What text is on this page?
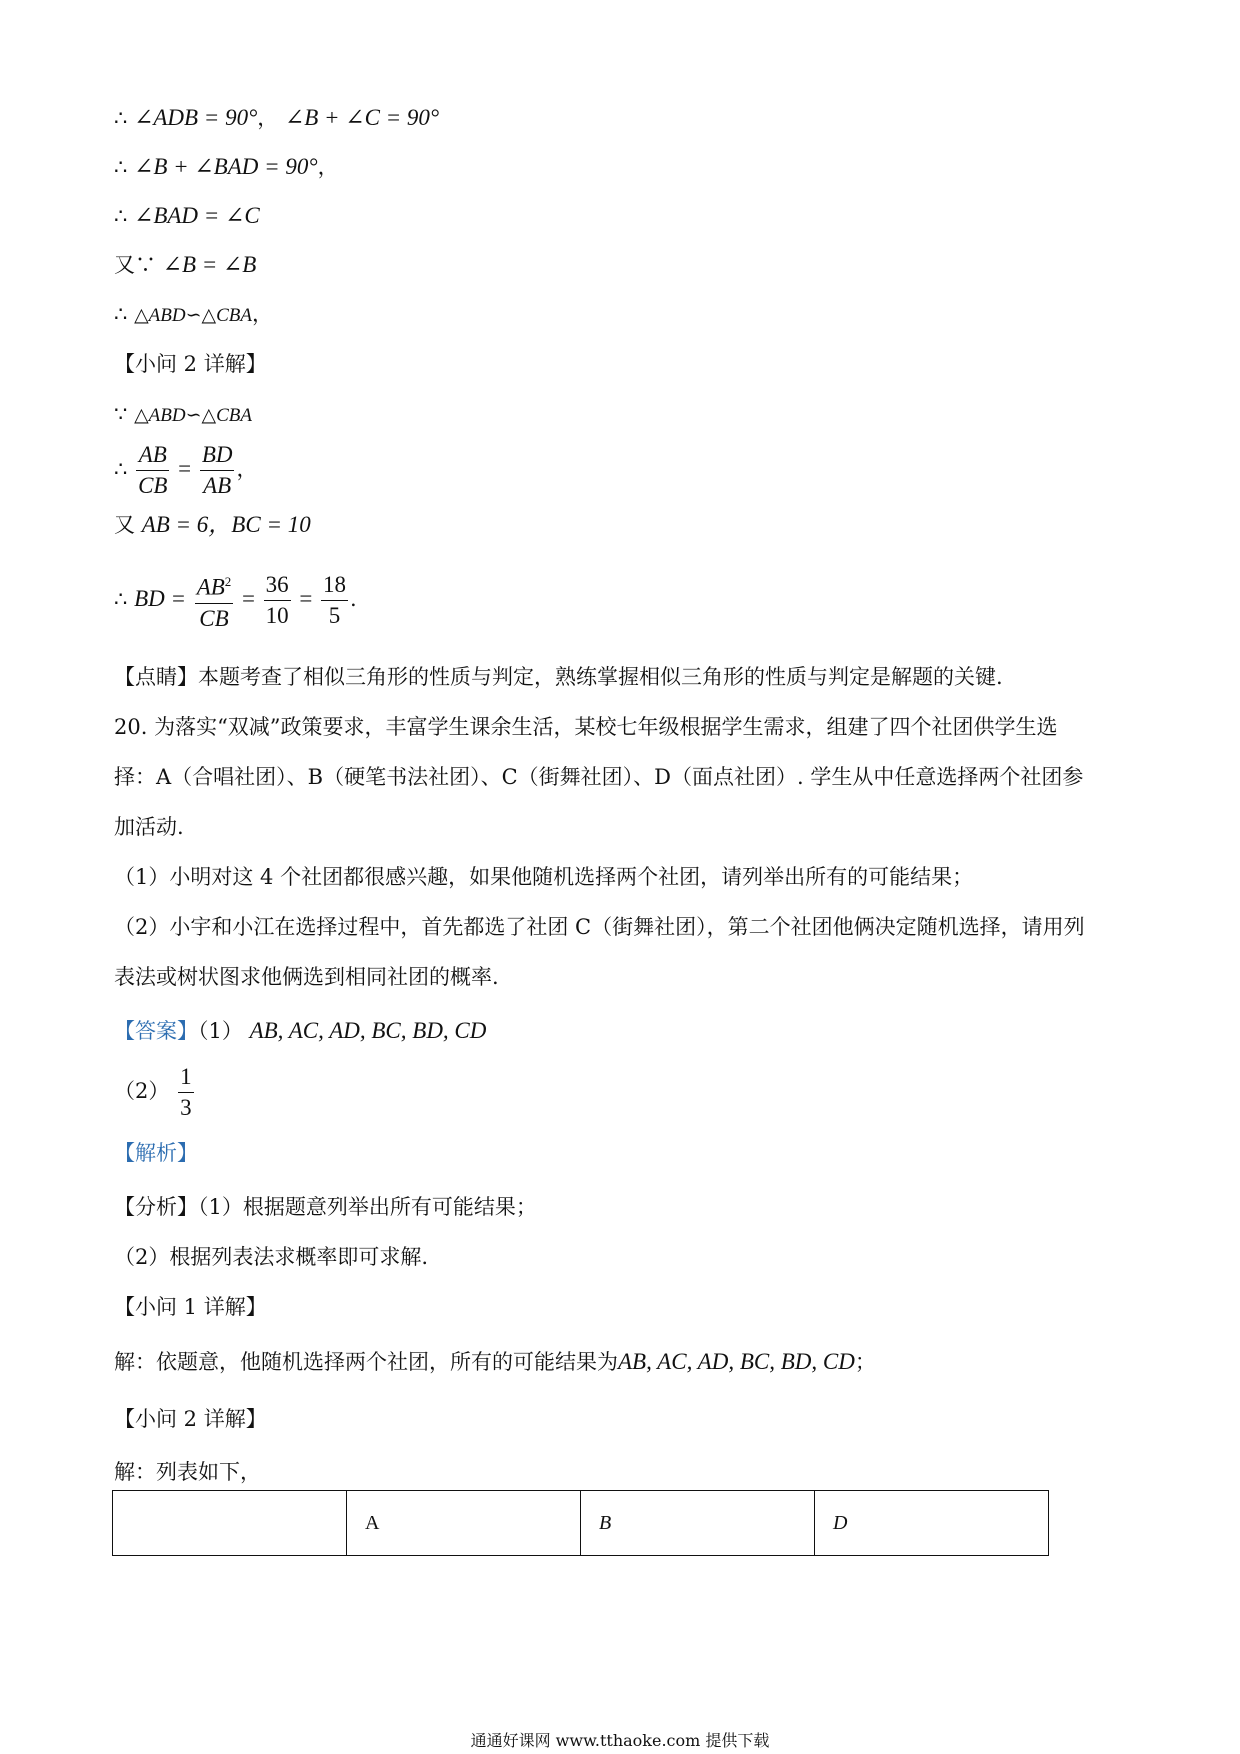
∴ ∠ADB = 90°， ∠B + ∠C = 90°
∴ ∠B + ∠BAD = 90°，
∴ ∠BAD = ∠C
又∵ ∠B = ∠B
∴ △ABD∽△CBA，
【小问 2 详解】
∵ △ABD∽△CBA
∴ $\frac{AB}{CB} = \frac{BD}{AB}$ ，
又 AB = 6，BC = 10
∴ BD = $\frac{AB^2}{CB} = \frac{36}{10} = \frac{18}{5}$ .
【点睛】本题考查了相似三角形的性质与判定，熟练掌握相似三角形的性质与判定是解题的关键.
20. 为落实“双减”政策要求，丰富学生课余生活，某校七年级根据学生需求，组建了四个社团供学生选
择：A（合唱社团）、B（硬笔书法社团）、C（街舞社团）、D（面点社团）. 学生从中任意选择两个社团参
加活动.
（1）小明对这 4 个社团都很感兴趣，如果他随机选择两个社团，请列举出所有的可能结果；
（2）小宇和小江在选择过程中，首先都选了社团 C（街舞社团），第二个社团他俩决定随机选择，请用列
表法或树状图求他俩选到相同社团的概率.
【答案】（1） AB, AC, AD, BC, BD, CD
$(2) \frac{1}{3}$
【解析】
【分析】（1）根据题意列举出所有可能结果；
（2）根据列表法求概率即可求解.
【小问 1 详解】
解：依题意，他随机选择两个社团，所有的可能结果为AB, AC, AD, BC, BD, CD；
【小问 2 详解】
解：列表如下，
	A	B	D
通通好课网 www.tthaoke.com 提供下载
